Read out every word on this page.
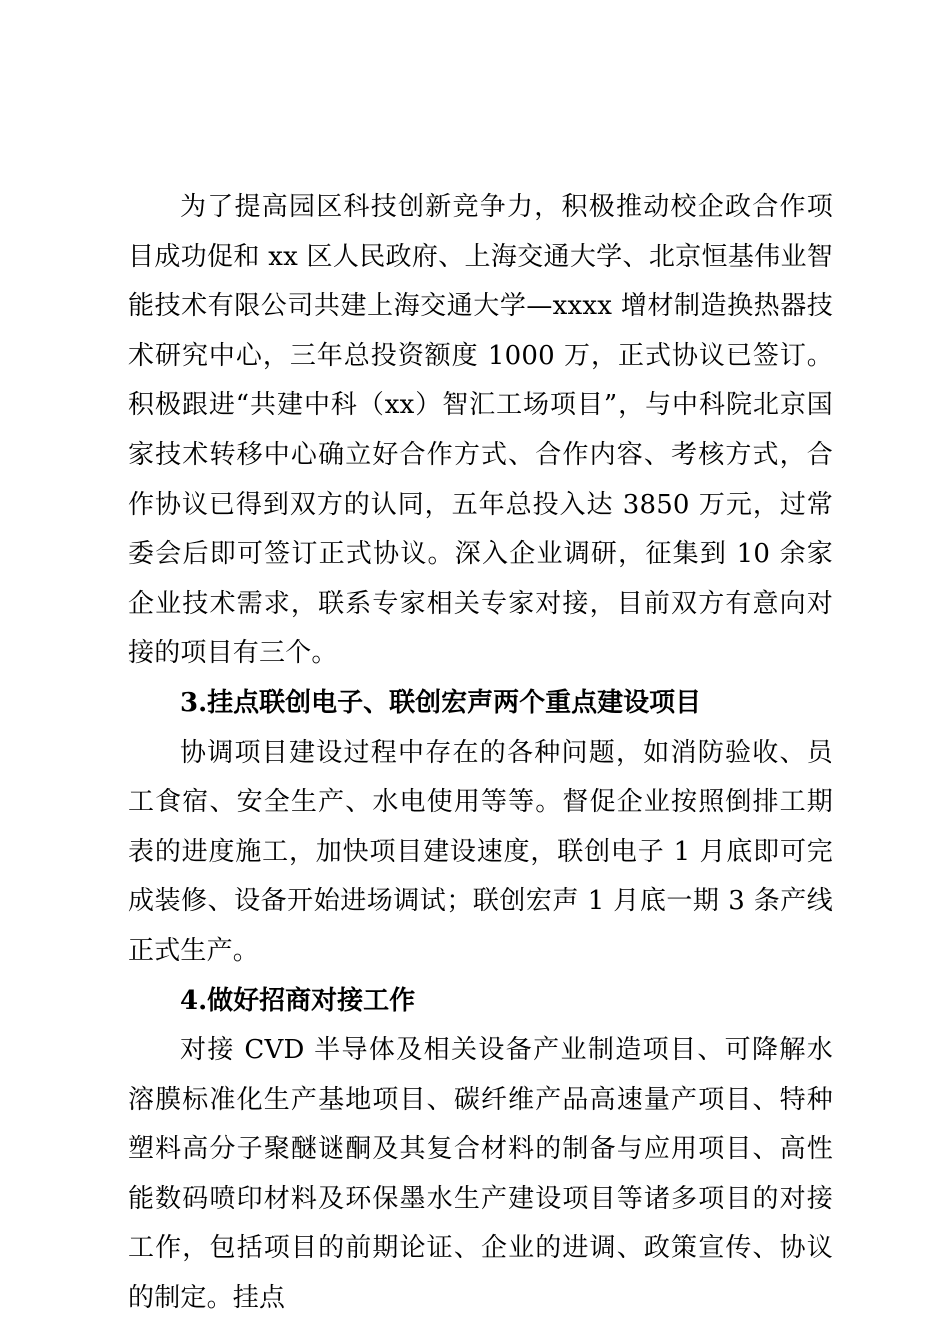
为了提高园区科技创新竞争力，积极推动校企政合作项目成功促和 xx 区人民政府、上海交通大学、北京恒基伟业智能技术有限公司共建上海交通大学—xxxx 增材制造换热器技术研究中心，三年总投资额度 1000 万，正式协议已签订。积极跟进“共建中科（xx）智汇工场项目”，与中科院北京国家技术转移中心确立好合作方式、合作内容、考核方式，合作协议已得到双方的认同，五年总投入达 3850 万元，过常委会后即可签订正式协议。深入企业调研，征集到 10 余家企业技术需求，联系专家相关专家对接，目前双方有意向对接的项目有三个。

3.挂点联创电子、联创宏声两个重点建设项目

协调项目建设过程中存在的各种问题，如消防验收、员工食宿、安全生产、水电使用等等。督促企业按照倒排工期表的进度施工，加快项目建设速度，联创电子 1 月底即可完成装修、设备开始进场调试；联创宏声 1 月底一期 3 条产线正式生产。

4.做好招商对接工作

对接 CVD 半导体及相关设备产业制造项目、可降解水溶膜标准化生产基地项目、碳纤维产品高速量产项目、特种塑料高分子聚醚谜酮及其复合材料的制备与应用项目、高性能数码喷印材料及环保墨水生产建设项目等诸多项目的对接工作，包括项目的前期论证、企业的进调、政策宣传、协议的制定。挂点
